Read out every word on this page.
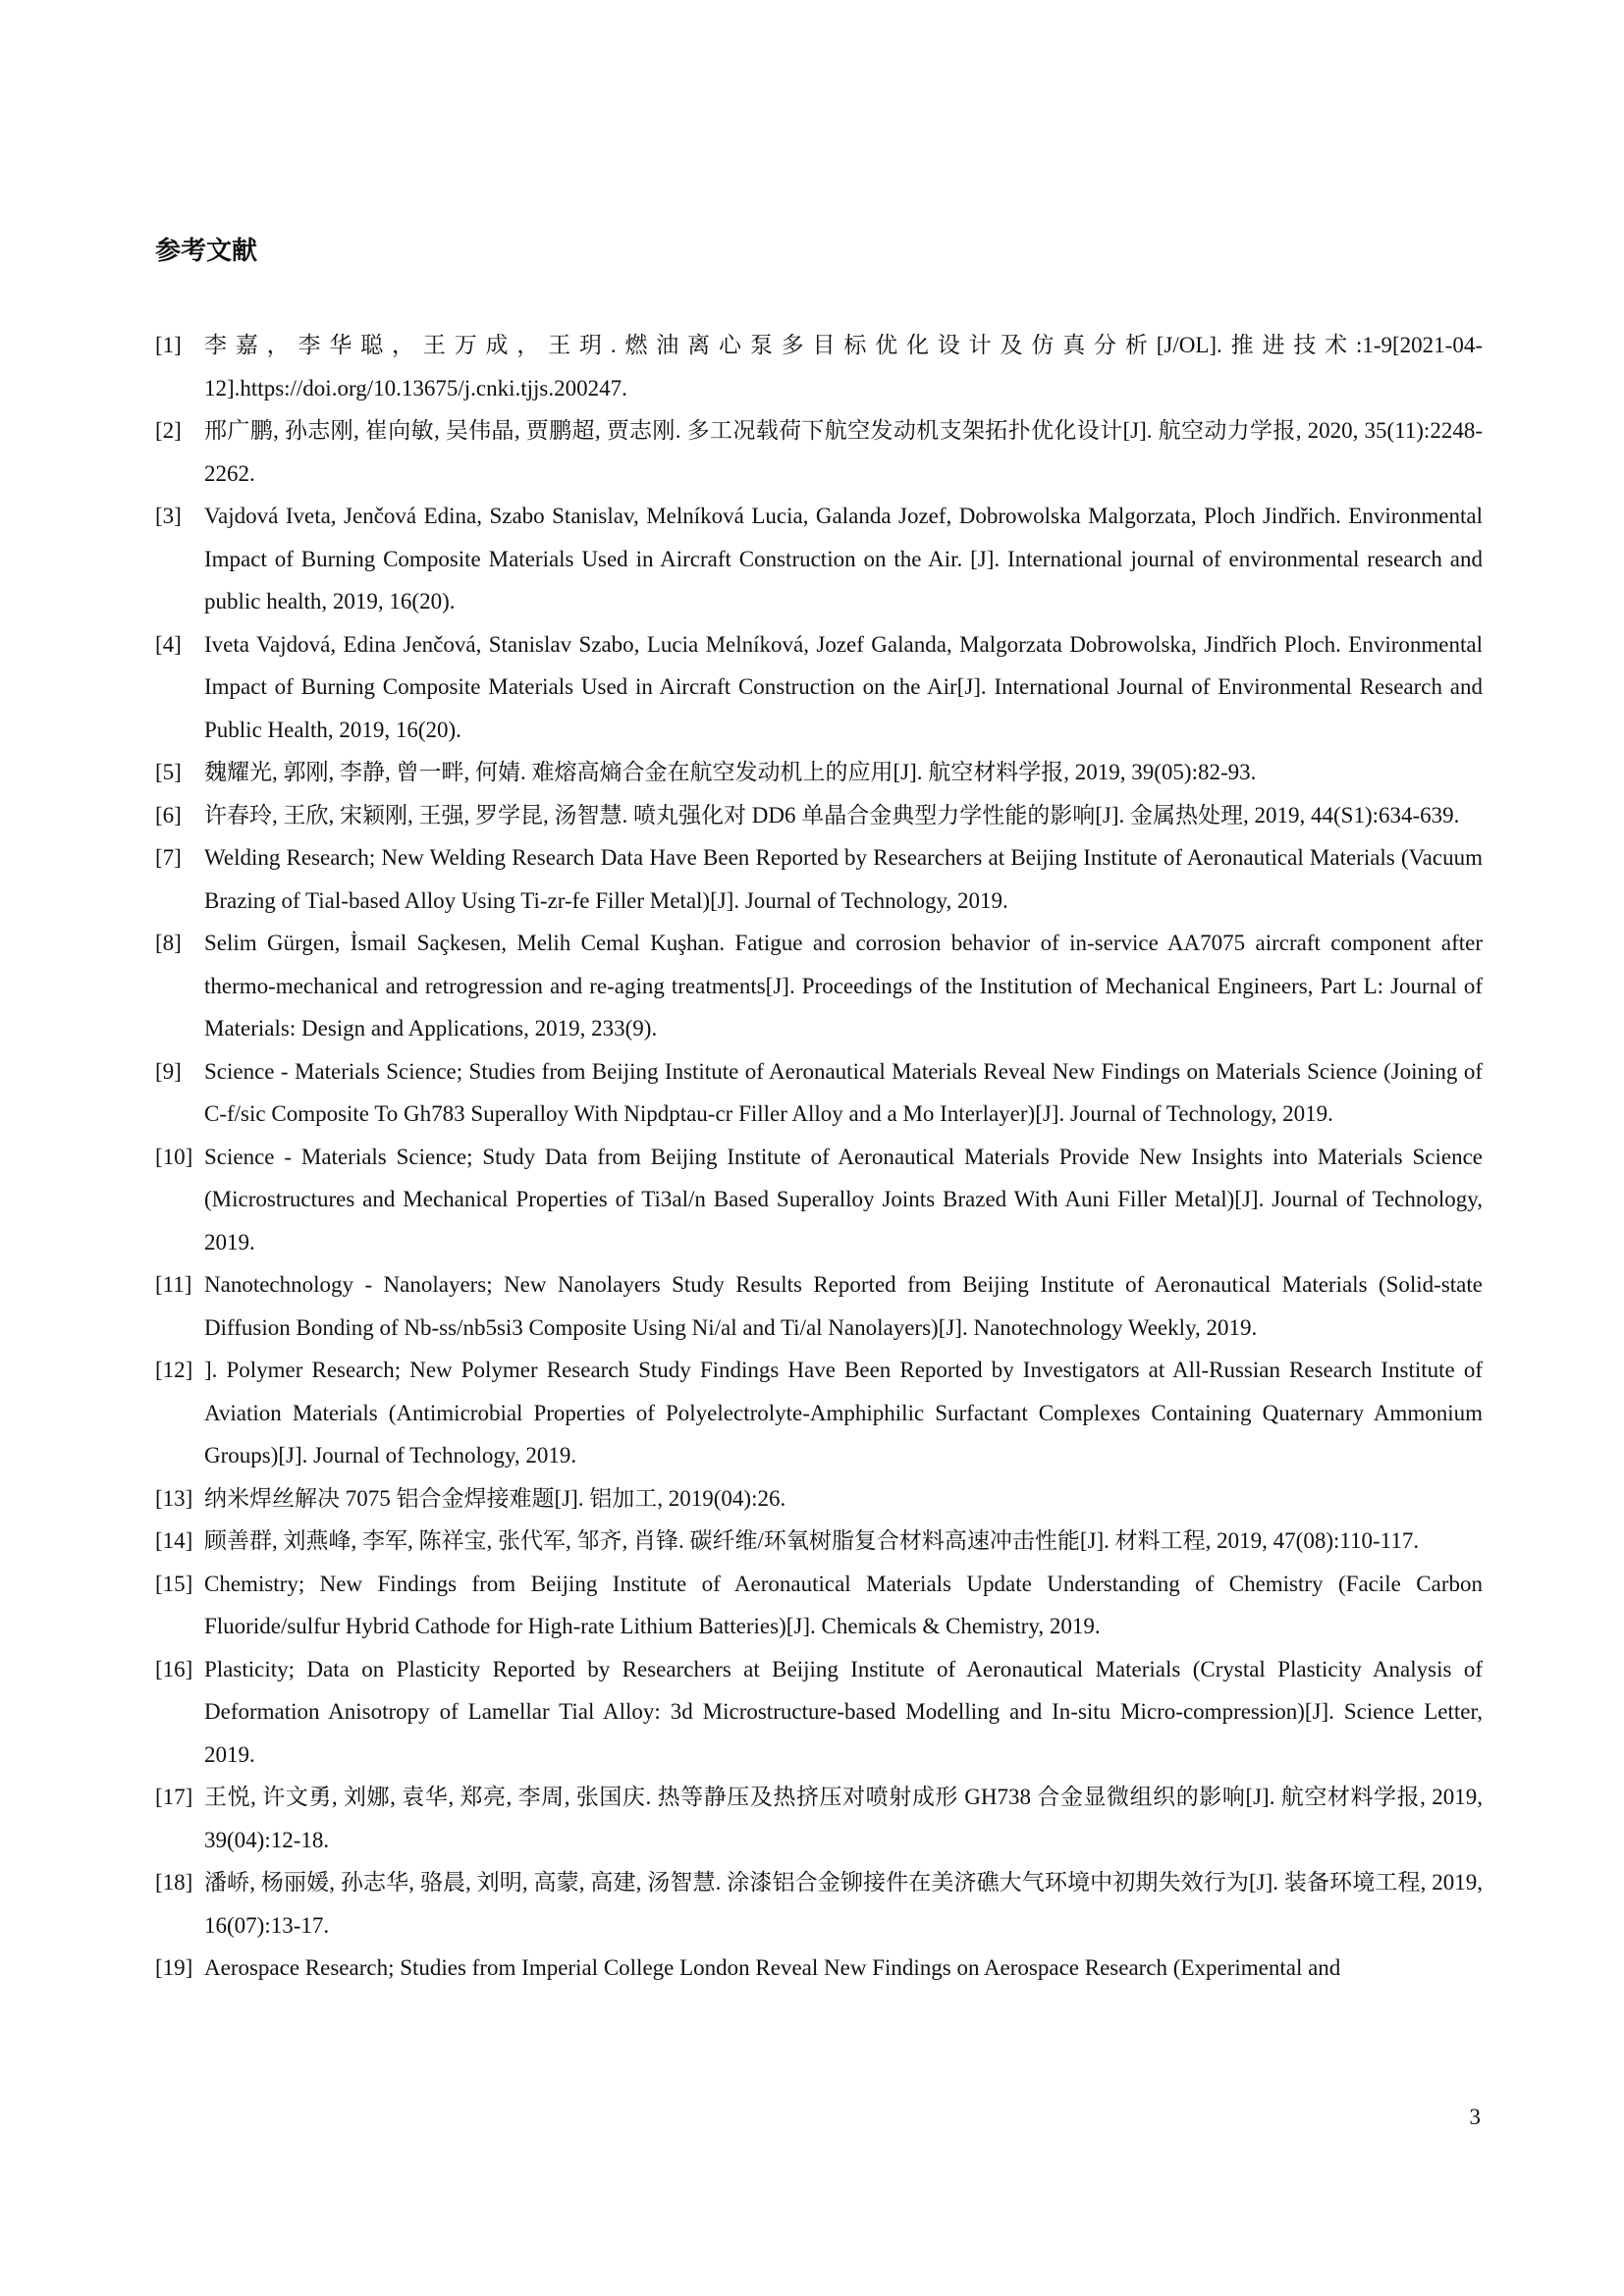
参考文献
[1]	李嘉，李华聪，王万成，王玥.燃油离心泵多目标优化设计及仿真分析[J/OL].推进技术:1-9[2021-04-12].https://doi.org/10.13675/j.cnki.tjjs.200247.
[2]	邢广鹏, 孙志刚, 崔向敏, 吴伟晶, 贾鹏超, 贾志刚. 多工况载荷下航空发动机支架拓扑优化设计[J]. 航空动力学报, 2020, 35(11):2248-2262.
[3]	Vajdová Iveta, Jenčová Edina, Szabo Stanislav, Melníková Lucia, Galanda Jozef, Dobrowolska Malgorzata, Ploch Jindřich. Environmental Impact of Burning Composite Materials Used in Aircraft Construction on the Air. [J]. International journal of environmental research and public health, 2019, 16(20).
[4]	Iveta Vajdová, Edina Jenčová, Stanislav Szabo, Lucia Melníková, Jozef Galanda, Malgorzata Dobrowolska, Jindřich Ploch. Environmental Impact of Burning Composite Materials Used in Aircraft Construction on the Air[J]. International Journal of Environmental Research and Public Health, 2019, 16(20).
[5]	魏耀光, 郭刚, 李静, 曾一畔, 何婧. 难熔高熵合金在航空发动机上的应用[J]. 航空材料学报, 2019, 39(05):82-93.
[6]	许春玲, 王欣, 宋颖刚, 王强, 罗学昆, 汤智慧. 喷丸强化对 DD6 单晶合金典型力学性能的影响[J]. 金属热处理, 2019, 44(S1):634-639.
[7]	Welding Research; New Welding Research Data Have Been Reported by Researchers at Beijing Institute of Aeronautical Materials (Vacuum Brazing of Tial-based Alloy Using Ti-zr-fe Filler Metal)[J]. Journal of Technology, 2019.
[8]	Selim Gürgen, İsmail Saçkesen, Melih Cemal Kuşhan. Fatigue and corrosion behavior of in-service AA7075 aircraft component after thermo-mechanical and retrogression and re-aging treatments[J]. Proceedings of the Institution of Mechanical Engineers, Part L: Journal of Materials: Design and Applications, 2019, 233(9).
[9]	Science - Materials Science; Studies from Beijing Institute of Aeronautical Materials Reveal New Findings on Materials Science (Joining of C-f/sic Composite To Gh783 Superalloy With Nipdptau-cr Filler Alloy and a Mo Interlayer)[J]. Journal of Technology, 2019.
[10] Science - Materials Science; Study Data from Beijing Institute of Aeronautical Materials Provide New Insights into Materials Science (Microstructures and Mechanical Properties of Ti3al/n Based Superalloy Joints Brazed With Auni Filler Metal)[J]. Journal of Technology, 2019.
[11] Nanotechnology - Nanolayers; New Nanolayers Study Results Reported from Beijing Institute of Aeronautical Materials (Solid-state Diffusion Bonding of Nb-ss/nb5si3 Composite Using Ni/al and Ti/al Nanolayers)[J]. Nanotechnology Weekly, 2019.
[12] ]. Polymer Research; New Polymer Research Study Findings Have Been Reported by Investigators at All-Russian Research Institute of Aviation Materials (Antimicrobial Properties of Polyelectrolyte-Amphiphilic Surfactant Complexes Containing Quaternary Ammonium Groups)[J]. Journal of Technology, 2019.
[13] 纳米焊丝解决 7075 铝合金焊接难题[J]. 铝加工, 2019(04):26.
[14] 顾善群, 刘燕峰, 李军, 陈祥宝, 张代军, 邹齐, 肖锋. 碳纤维/环氧树脂复合材料高速冲击性能[J]. 材料工程, 2019, 47(08):110-117.
[15] Chemistry; New Findings from Beijing Institute of Aeronautical Materials Update Understanding of Chemistry (Facile Carbon Fluoride/sulfur Hybrid Cathode for High-rate Lithium Batteries)[J]. Chemicals & Chemistry, 2019.
[16] Plasticity; Data on Plasticity Reported by Researchers at Beijing Institute of Aeronautical Materials (Crystal Plasticity Analysis of Deformation Anisotropy of Lamellar Tial Alloy: 3d Microstructure-based Modelling and In-situ Micro-compression)[J]. Science Letter, 2019.
[17] 王悦, 许文勇, 刘娜, 袁华, 郑亮, 李周, 张国庆. 热等静压及热挤压对喷射成形 GH738 合金显微组织的影响[J]. 航空材料学报, 2019, 39(04):12-18.
[18] 潘峤, 杨丽媛, 孙志华, 骆晨, 刘明, 高蒙, 高建, 汤智慧. 涂漆铝合金铆接件在美济礁大气环境中初期失效行为[J]. 装备环境工程, 2019, 16(07):13-17.
[19] Aerospace Research; Studies from Imperial College London Reveal New Findings on Aerospace Research (Experimental and
3
